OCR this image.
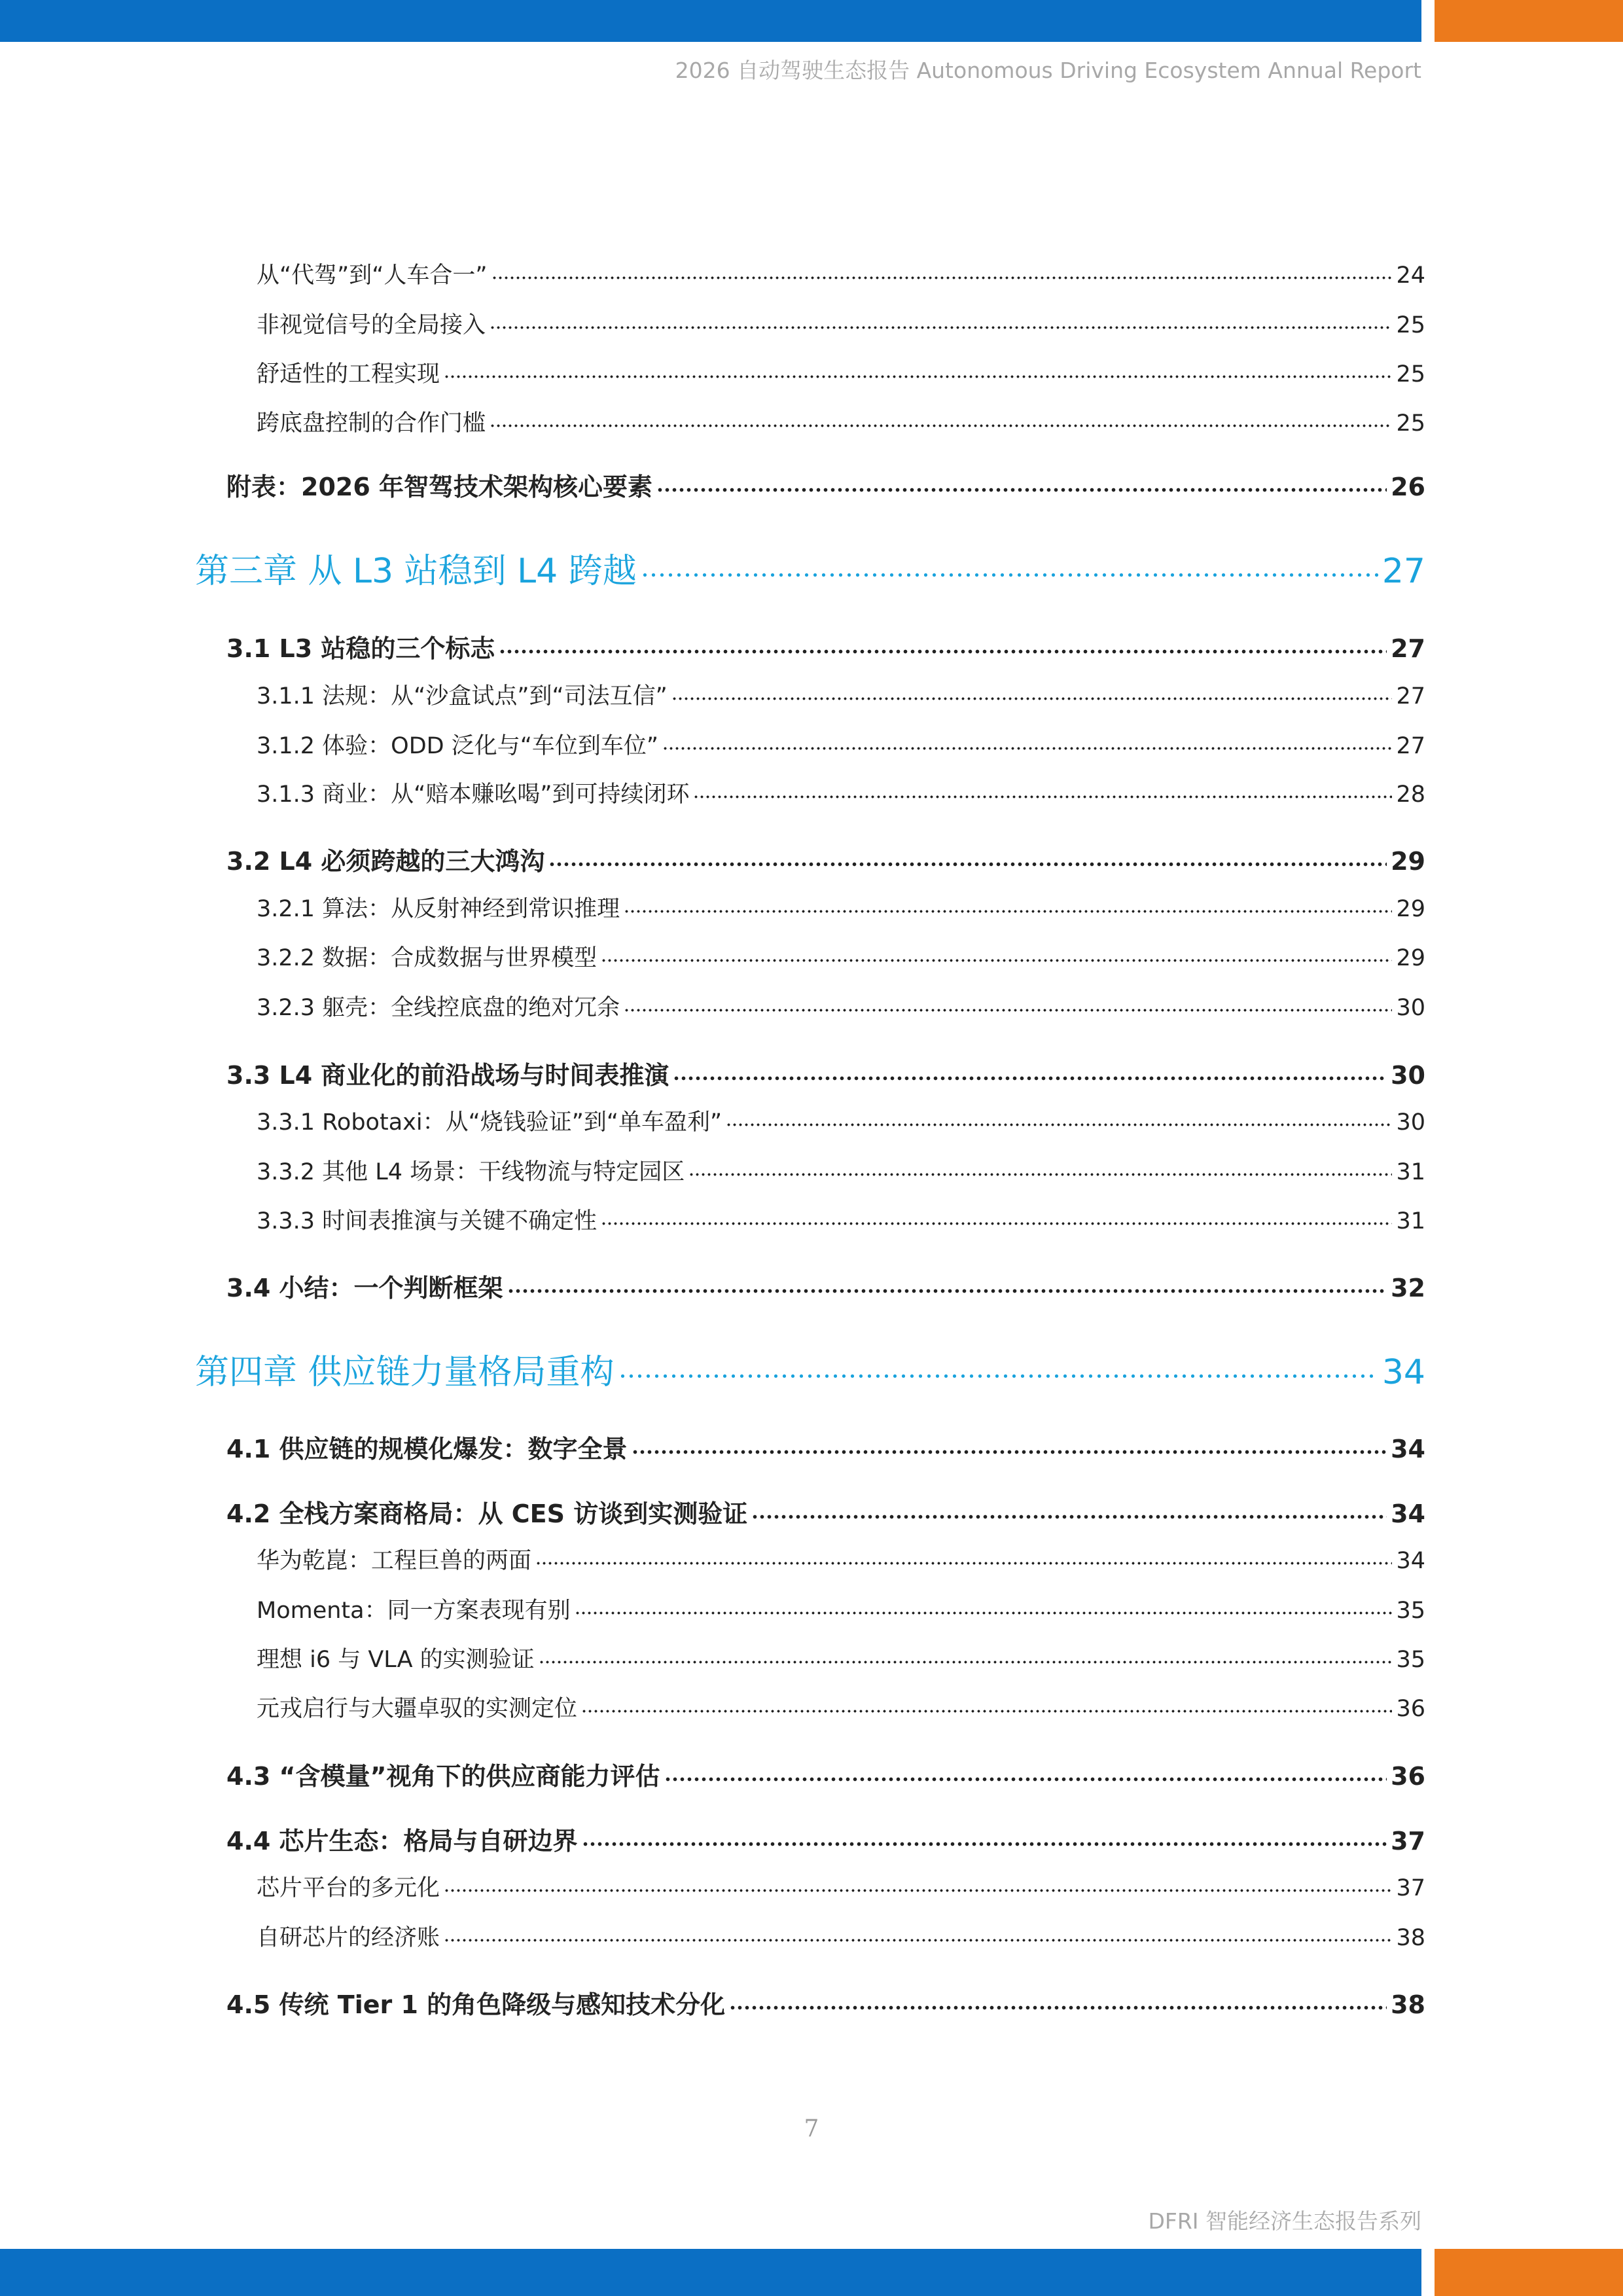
2026 自动驾驶生态报告 Autonomous Driving Ecosystem Annual Report
从“代驾”到“人车合一”	24
非视觉信号的全局接入	25
舒适性的工程实现	25
跨底盘控制的合作门槛	25
附表：2026 年智驾技术架构核心要素	26
第三章 从 L3 站稳到 L4 跨越	27
3.1 L3 站稳的三个标志	27
3.1.1 法规：从“沙盒试点”到“司法互信”	27
3.1.2 体验：ODD 泛化与“车位到车位”	27
3.1.3 商业：从“赔本赚吆喝”到可持续闭环	28
3.2 L4 必须跨越的三大鸿沟	29
3.2.1 算法：从反射神经到常识推理	29
3.2.2 数据：合成数据与世界模型	29
3.2.3 躯壳：全线控底盘的绝对冗余	30
3.3 L4 商业化的前沿战场与时间表推演	30
3.3.1 Robotaxi：从“烧钱验证”到“单车盈利”	30
3.3.2 其他 L4 场景：干线物流与特定园区	31
3.3.3 时间表推演与关键不确定性	31
3.4 小结：一个判断框架	32
第四章 供应链力量格局重构	34
4.1 供应链的规模化爆发：数字全景	34
4.2 全栈方案商格局：从 CES 访谈到实测验证	34
华为乾崑：工程巨兽的两面	34
Momenta：同一方案表现有别	35
理想 i6 与 VLA 的实测验证	35
元戎启行与大疆卓驭的实测定位	36
4.3 “含模量”视角下的供应商能力评估	36
4.4 芯片生态：格局与自研边界	37
芯片平台的多元化	37
自研芯片的经济账	38
4.5 传统 Tier 1 的角色降级与感知技术分化	38
7
DFRI 智能经济生态报告系列
